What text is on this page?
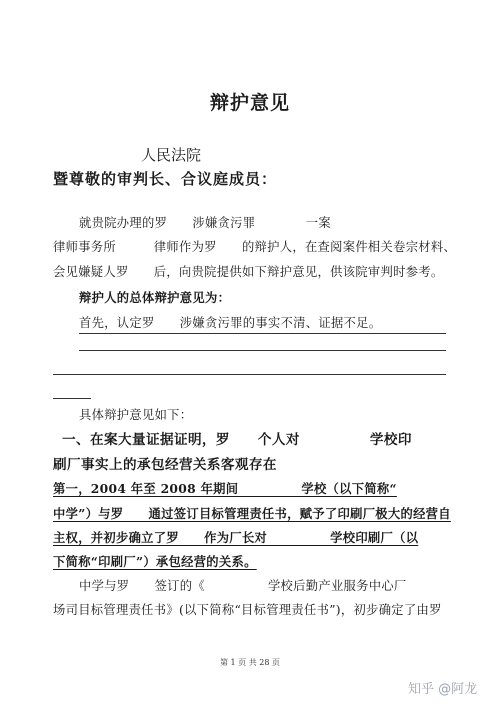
辩护意见
人民法院
暨尊敬的审判长、合议庭成员：
就贵院办理的罗　　涉嫌贪污罪　　　　一案
律师事务所　　　律师作为罗　　的辩护人，在查阅案件相关卷宗材料、
会见嫌疑人罗　　后，向贵院提供如下辩护意见，供该院审判时参考。
辩护人的总体辩护意见为：
首先，认定罗　　涉嫌贪污罪的事实不清、证据不足。
具体辩护意见如下：
一、在案大量证据证明，罗　　个人对　　　　　学校印
刷厂事实上的承包经营关系客观存在
第一，2004 年至 2008 年期间　　　　　学校（以下简称“
中学”）与罗　　通过签订目标管理责任书，赋予了印刷厂极大的经营自
主权，并初步确立了罗　　作为厂长对　　　　　学校印刷厂（以
下简称“印刷厂”）承包经营的关系。
中学与罗　　签订的《　　　　　学校后勤产业服务中心厂
场司目标管理责任书》(以下简称“目标管理责任书”)，初步确定了由罗
第 1 页 共 28 页
知乎 @阿龙
